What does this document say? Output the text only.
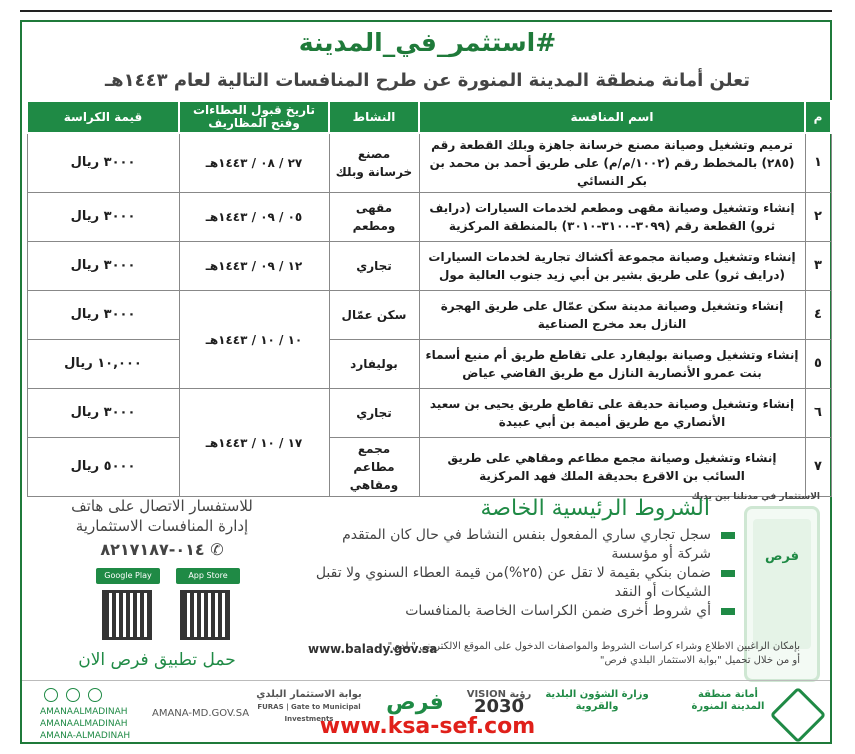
#استثمر_في_المدينة
تعلن أمانة منطقة المدينة المنورة عن طرح المنافسات التالية لعام ١٤٤٣هـ
م	اسم المنافسة	النشاط	تاريخ قبول العطاءات وفتح المظاريف	قيمة الكراسة
١	ترميم وتشغيل وصيانة مصنع خرسانة جاهزة وبلك القطعة رقم (٢٨٥) بالمخطط رقم (١٠٠٢/م/م) على طريق أحمد بن محمد بن بكر النسائي	مصنع خرسانة وبلك	٢٧ / ٠٨ / ١٤٤٣هـ	٣٠٠٠ ريال
٢	إنشاء وتشغيل وصيانة مقهى ومطعم لخدمات السيارات (درايف ثرو) القطعة رقم (٣٠٩٩-٣١٠٠-٣٠١٠) بالمنطقة المركزية	مقهى ومطعم	٠٥ / ٠٩ / ١٤٤٣هـ	٣٠٠٠ ريال
٣	إنشاء وتشغيل وصيانة مجموعة أكشاك تجارية لخدمات السيارات (درايف ثرو) على طريق بشير بن أبي زيد جنوب العالية مول	تجاري	١٢ / ٠٩ / ١٤٤٣هـ	٣٠٠٠ ريال
٤	إنشاء وتشغيل وصيانة مدينة سكن عمّال على طريق الهجرة النازل بعد مخرج الصناعية	سكن عمّال	١٠ / ١٠ / ١٤٤٣هـ	٣٠٠٠ ريال
٥	إنشاء وتشغيل وصيانة بوليفارد على تقاطع طريق أم منيع أسماء بنت عمرو الأنصارية النازل مع طريق القاضي عياض	بوليفارد		١٠,٠٠٠ ريال
٦	إنشاء وتشغيل وصيانة حديقة على تقاطع طريق يحيى بن سعيد الأنصاري مع طريق أميمة بن أبي عبيدة	تجاري	١٧ / ١٠ / ١٤٤٣هـ	٣٠٠٠ ريال
٧	إنشاء وتشغيل وصيانة مجمع مطاعم ومقاهي على طريق السائب بن الاقرع بحديقة الملك فهد المركزية	مجمع مطاعم ومقاهي		٥٠٠٠ ريال
الاستثمار في مدنلنا بين يديك
فرص
الشروط الرئيسية الخاصة
سجل تجاري ساري المفعول بنفس النشاط في حال كان المتقدم شركة أو مؤسسة
ضمان بنكي بقيمة لا تقل عن (٢٥%)من قيمة العطاء السنوي ولا تقبل الشيكات أو النقد
أي شروط أخرى ضمن الكراسات الخاصة بالمنافسات
للاستفسار الاتصال على هاتف
إدارة المنافسات الاستثمارية
٠١٤-٨٢١٧١٨٧ ✆
Google Play	App Store
حمل تطبيق فرص الان
www.balady.gov.sa
بإمكان الراغبين الاطلاع وشراء كراسات الشروط والمواصفات الدخول على الموقع الالكتروني "بلدي" أو من خلال تحميل "بوابة الاستثمار البلدي فرص"
أمانة منطقة المدينة المنورة
وزارة الشؤون البلدية والقروية
رؤية VISION
2030
فرص
بوابة الاستثمار البلدي
FURAS | Gate to Municipal Investments
AMANA-MD.GOV.SA

AMANAALMADINAH
AMANAALMADINAH
AMANA-ALMADINAH	www.ksa-sef.com
